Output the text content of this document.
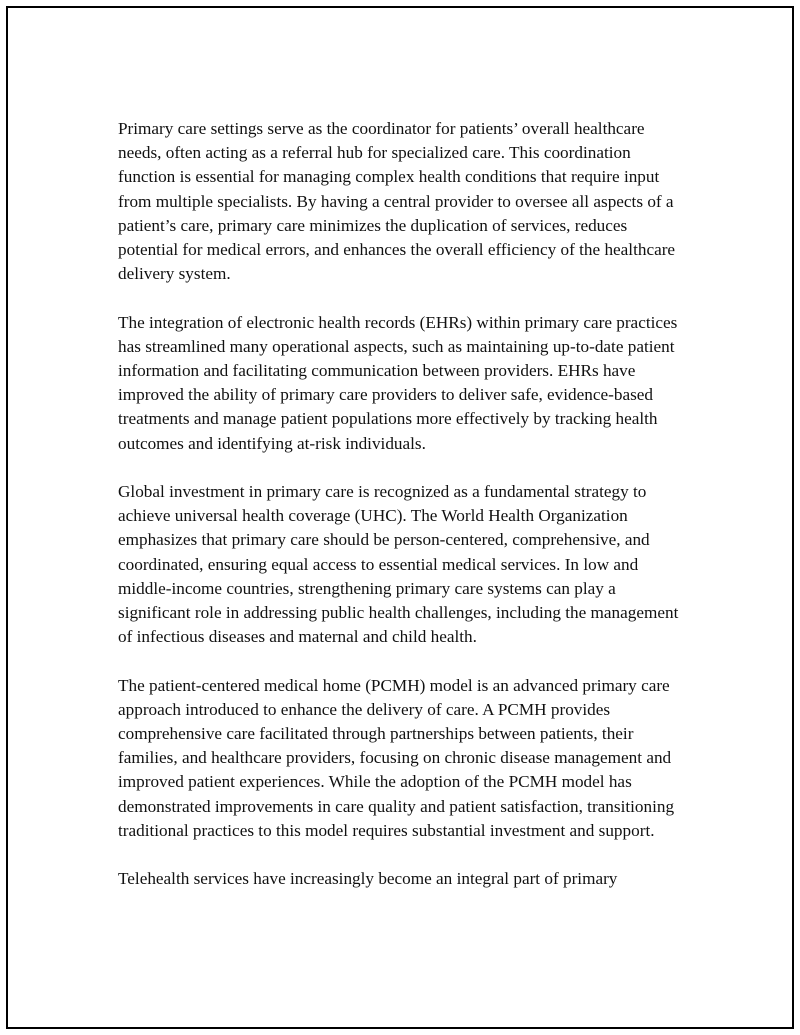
Primary care settings serve as the coordinator for patients’ overall healthcare needs, often acting as a referral hub for specialized care. This coordination function is essential for managing complex health conditions that require input from multiple specialists. By having a central provider to oversee all aspects of a patient’s care, primary care minimizes the duplication of services, reduces potential for medical errors, and enhances the overall efficiency of the healthcare delivery system.

The integration of electronic health records (EHRs) within primary care practices has streamlined many operational aspects, such as maintaining up-to-date patient information and facilitating communication between providers. EHRs have improved the ability of primary care providers to deliver safe, evidence-based treatments and manage patient populations more effectively by tracking health outcomes and identifying at-risk individuals.

Global investment in primary care is recognized as a fundamental strategy to achieve universal health coverage (UHC). The World Health Organization emphasizes that primary care should be person-centered, comprehensive, and coordinated, ensuring equal access to essential medical services. In low and middle-income countries, strengthening primary care systems can play a significant role in addressing public health challenges, including the management of infectious diseases and maternal and child health.

The patient-centered medical home (PCMH) model is an advanced primary care approach introduced to enhance the delivery of care. A PCMH provides comprehensive care facilitated through partnerships between patients, their families, and healthcare providers, focusing on chronic disease management and improved patient experiences. While the adoption of the PCMH model has demonstrated improvements in care quality and patient satisfaction, transitioning traditional practices to this model requires substantial investment and support.

Telehealth services have increasingly become an integral part of primary
